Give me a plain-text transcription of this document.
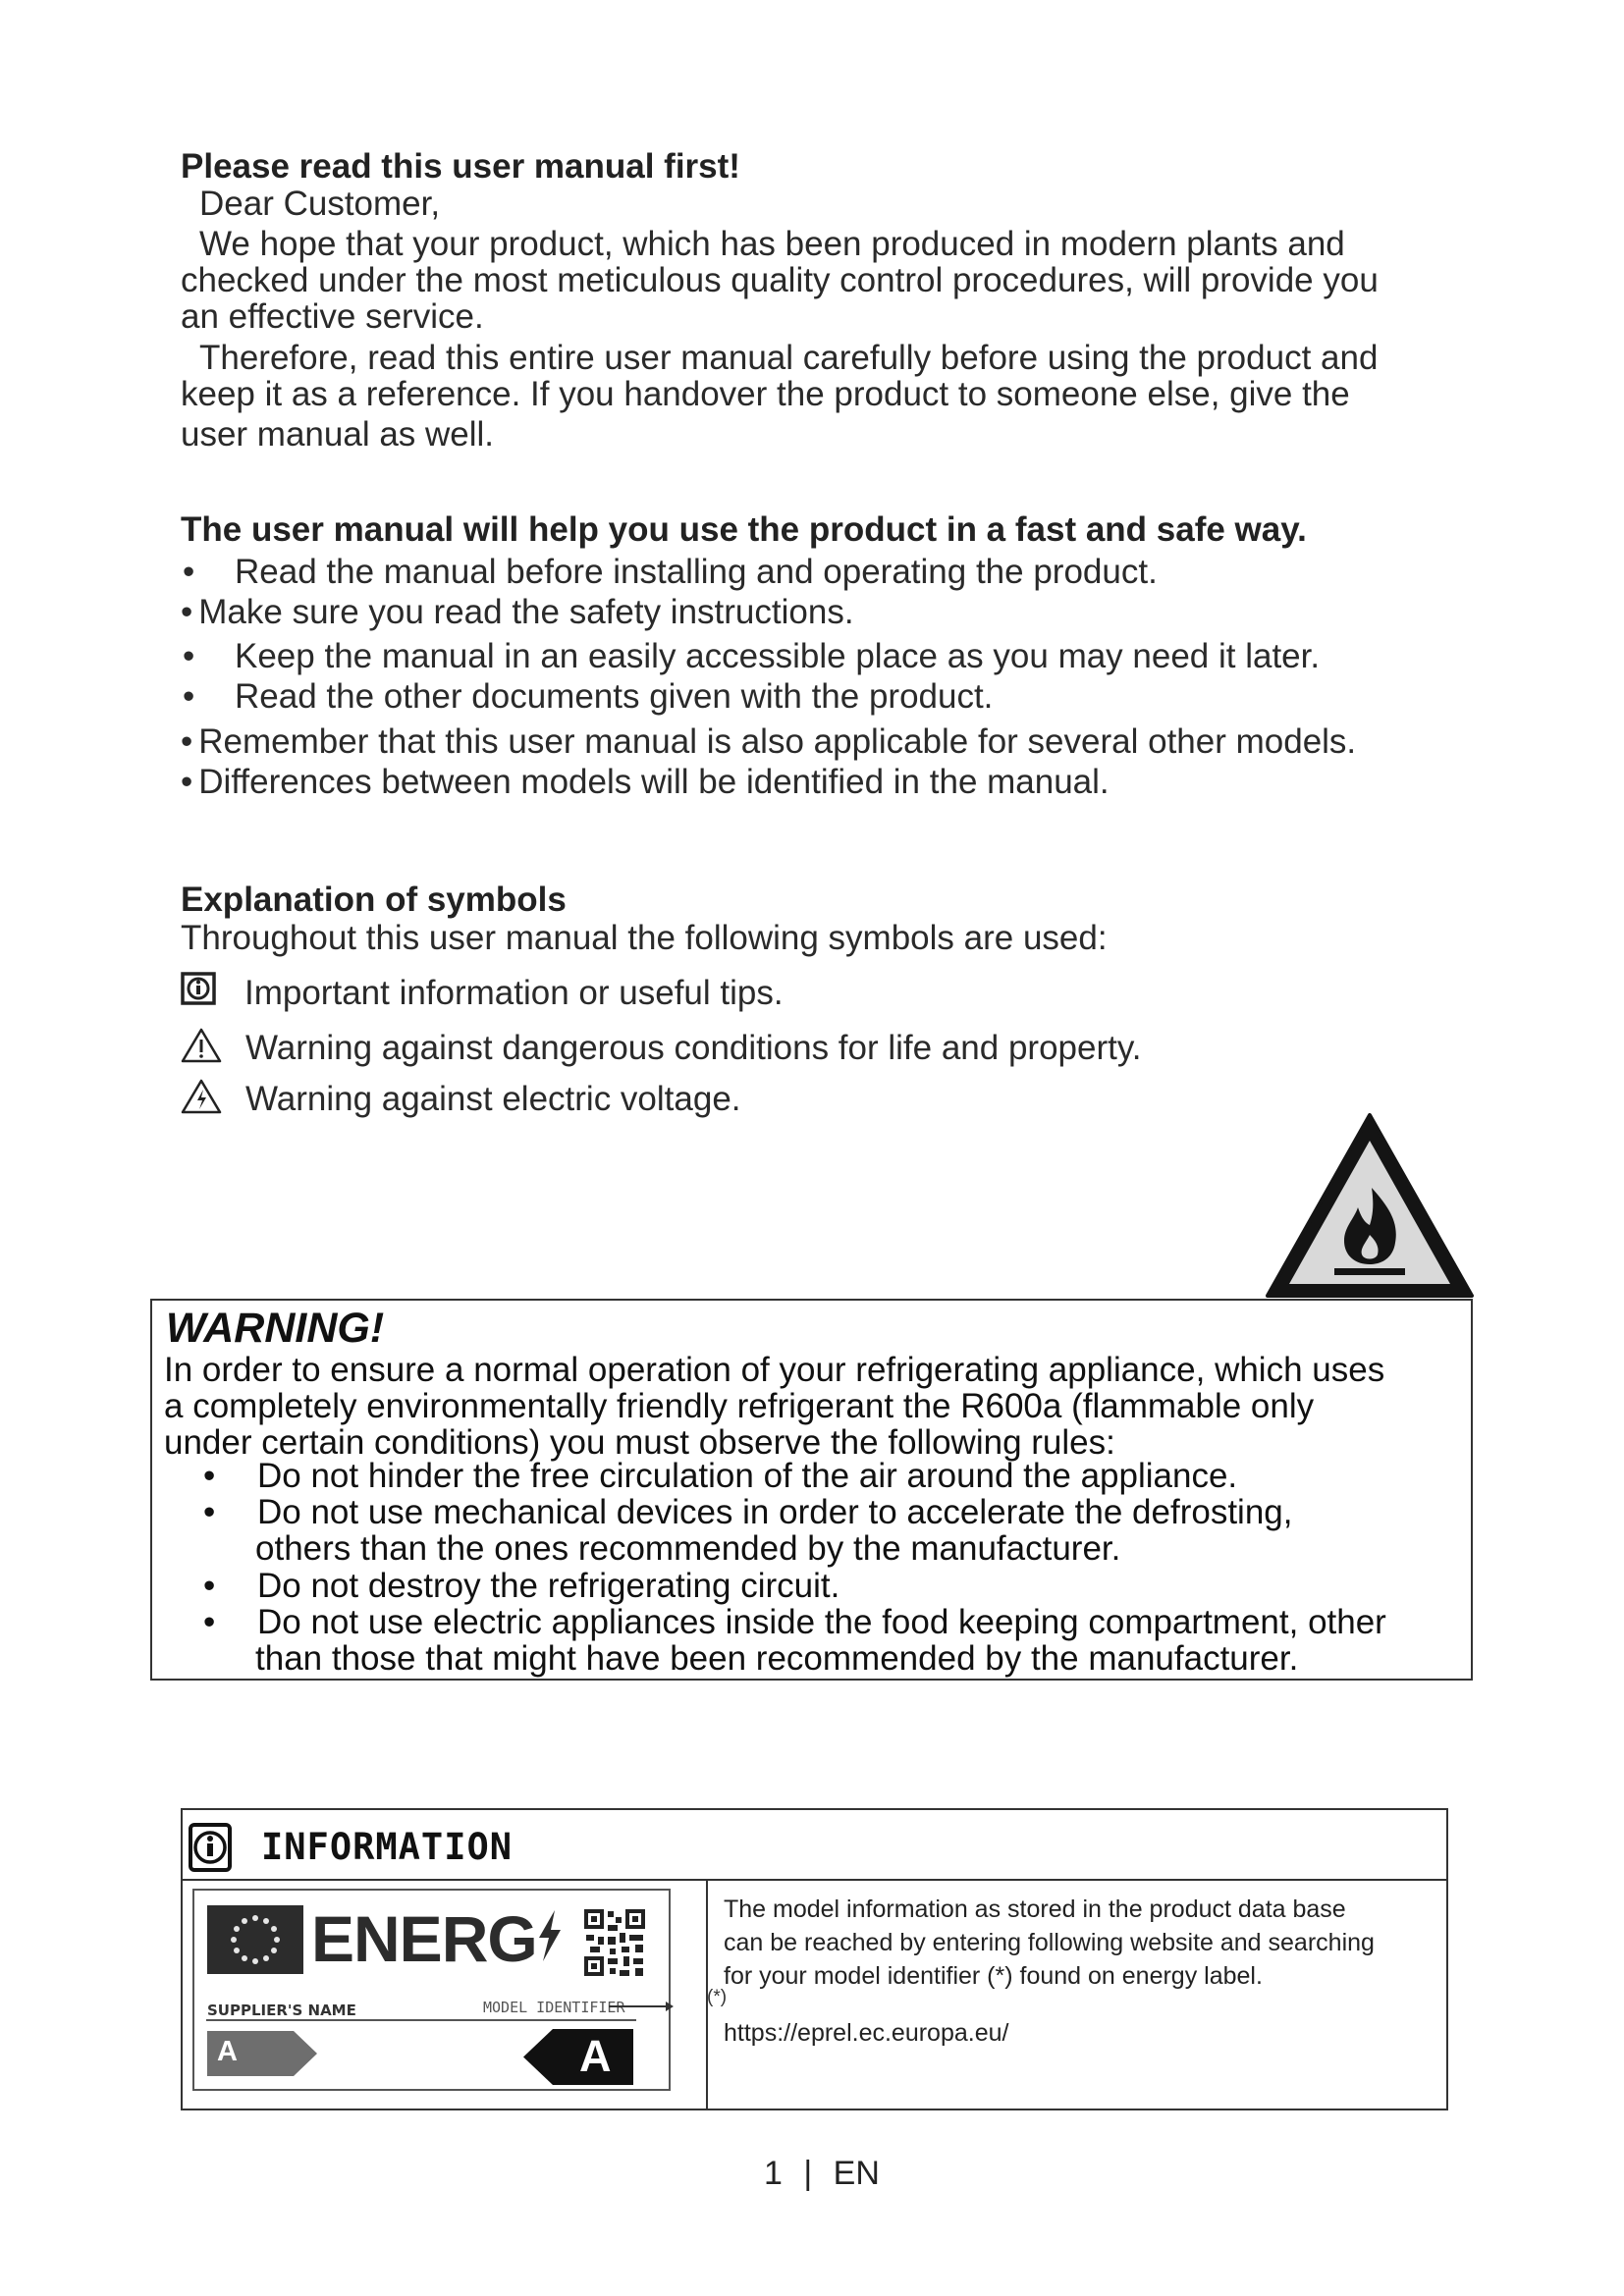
Please read this user manual first!
Dear Customer,
We hope that your product, which has been produced in modern plants and
checked under the most meticulous quality control procedures, will provide you
an effective service.
Therefore, read this entire user manual carefully before using the product and
keep it as a reference. If you handover the product to someone else, give the
user manual as well.
The user manual will help you use the product in a fast and safe way.
• Read the manual before installing and operating the product.
• Make sure you read the safety instructions.
• Keep the manual in an easily accessible place as you may need it later.
• Read the other documents given with the product.
• Remember that this user manual is also applicable for several other models.
• Differences between models will be identified in the manual.
Explanation of symbols
Throughout this user manual the following symbols are used:
Important information or useful tips.
Warning against dangerous conditions for life and property.
Warning against electric voltage.
WARNING!
In order to ensure a normal operation of your refrigerating appliance, which uses
a completely environmentally friendly refrigerant the R600a (flammable only
under certain conditions) you must observe the following rules:
• Do not hinder the free circulation of the air around the appliance.
• Do not use mechanical devices in order to accelerate the defrosting,
others than the ones recommended by the manufacturer.
• Do not destroy the refrigerating circuit.
• Do not use electric appliances inside the food keeping compartment, other
than those that might have been recommended by the manufacturer.
INFORMATION
ENERG
SUPPLIER'S NAME	MODEL IDENTIFIER
A	A
(*)
The model information as stored in the product data base
can be reached by entering following website and searching
for your model identifier (*) found on energy label.
https://eprel.ec.europa.eu/
1 | EN
